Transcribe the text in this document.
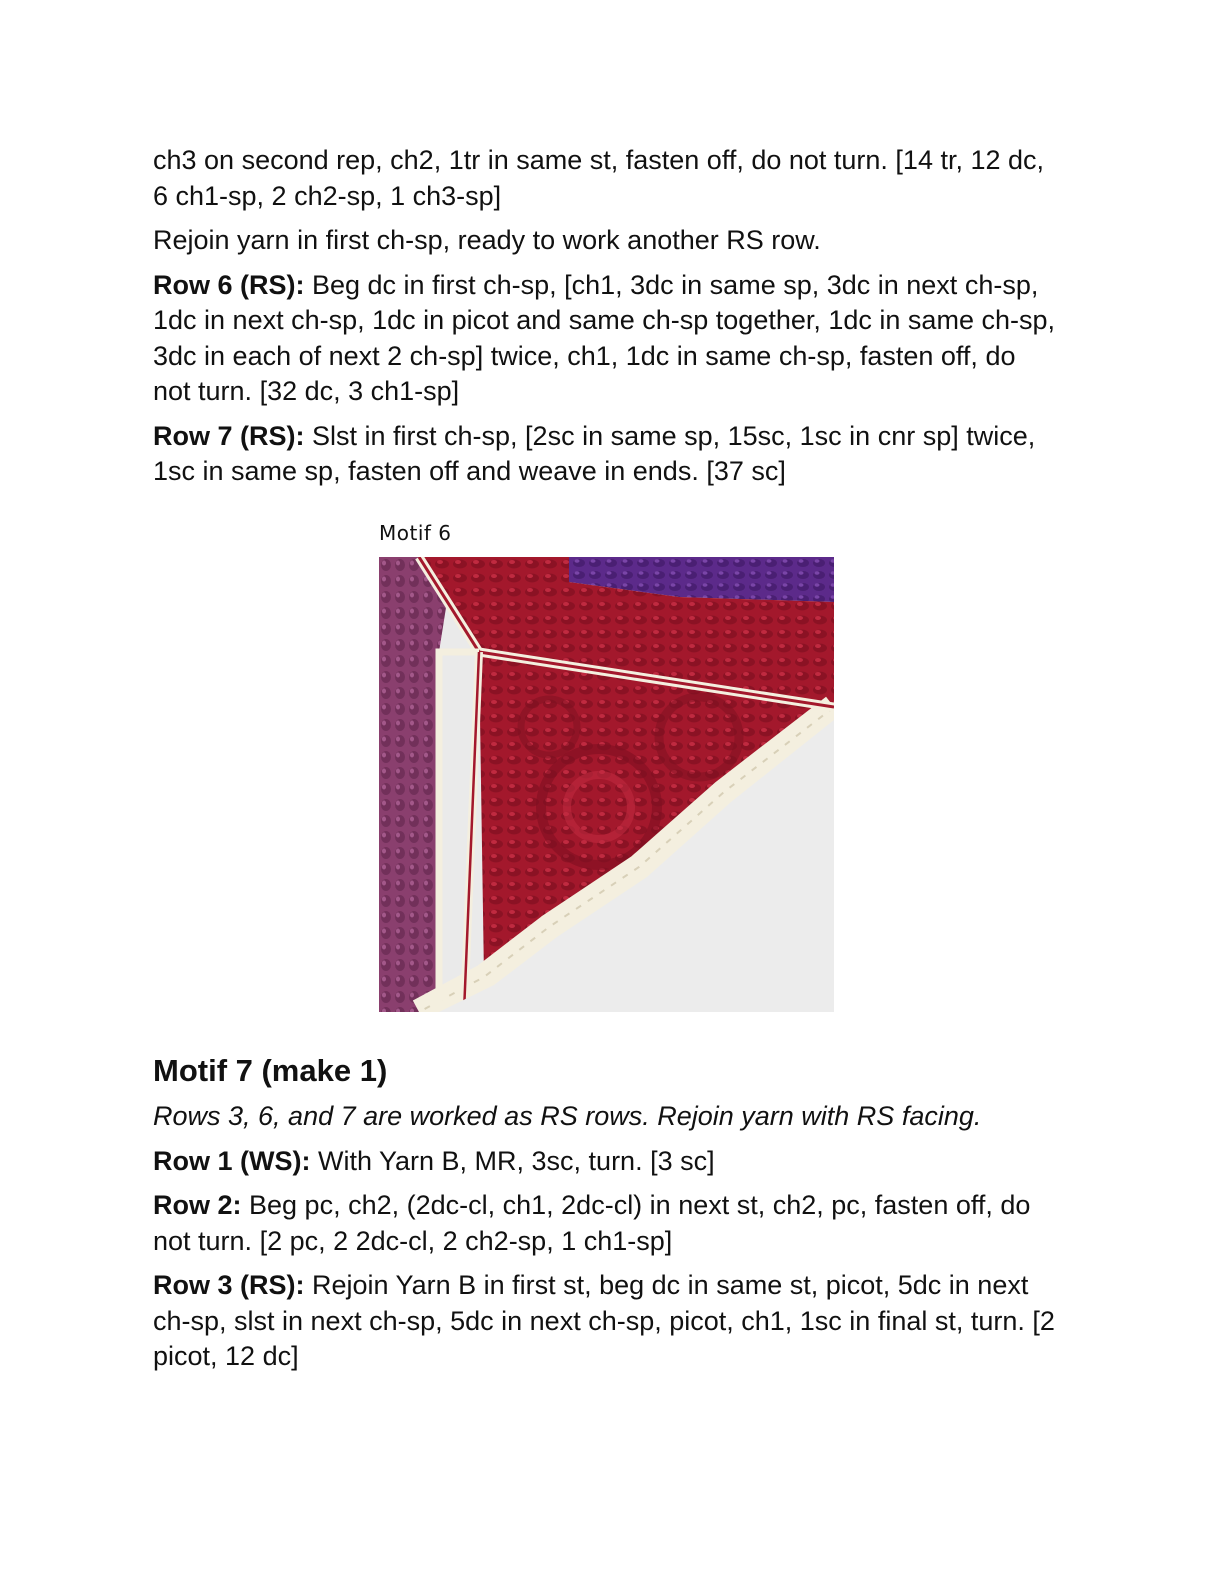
ch3 on second rep, ch2, 1tr in same st, fasten off, do not turn. [14 tr, 12 dc, 6 ch1-sp, 2 ch2-sp, 1 ch3-sp]

Rejoin yarn in first ch-sp, ready to work another RS row.

Row 6 (RS): Beg dc in first ch-sp, [ch1, 3dc in same sp, 3dc in next ch-sp, 1dc in next ch-sp, 1dc in picot and same ch-sp together, 1dc in same ch-sp, 3dc in each of next 2 ch-sp] twice, ch1, 1dc in same ch-sp, fasten off, do not turn. [32 dc, 3 ch1-sp]

Row 7 (RS): Slst in first ch-sp, [2sc in same sp, 15sc, 1sc in cnr sp] twice, 1sc in same sp, fasten off and weave in ends. [37 sc]

Motif 6
Motif 7 (make 1)

Rows 3, 6, and 7 are worked as RS rows. Rejoin yarn with RS facing.

Row 1 (WS): With Yarn B, MR, 3sc, turn. [3 sc]

Row 2: Beg pc, ch2, (2dc-cl, ch1, 2dc-cl) in next st, ch2, pc, fasten off, do not turn. [2 pc, 2 2dc-cl, 2 ch2-sp, 1 ch1-sp]

Row 3 (RS): Rejoin Yarn B in first st, beg dc in same st, picot, 5dc in next ch-sp, slst in next ch-sp, 5dc in next ch-sp, picot, ch1, 1sc in final st, turn. [2 picot, 12 dc]
